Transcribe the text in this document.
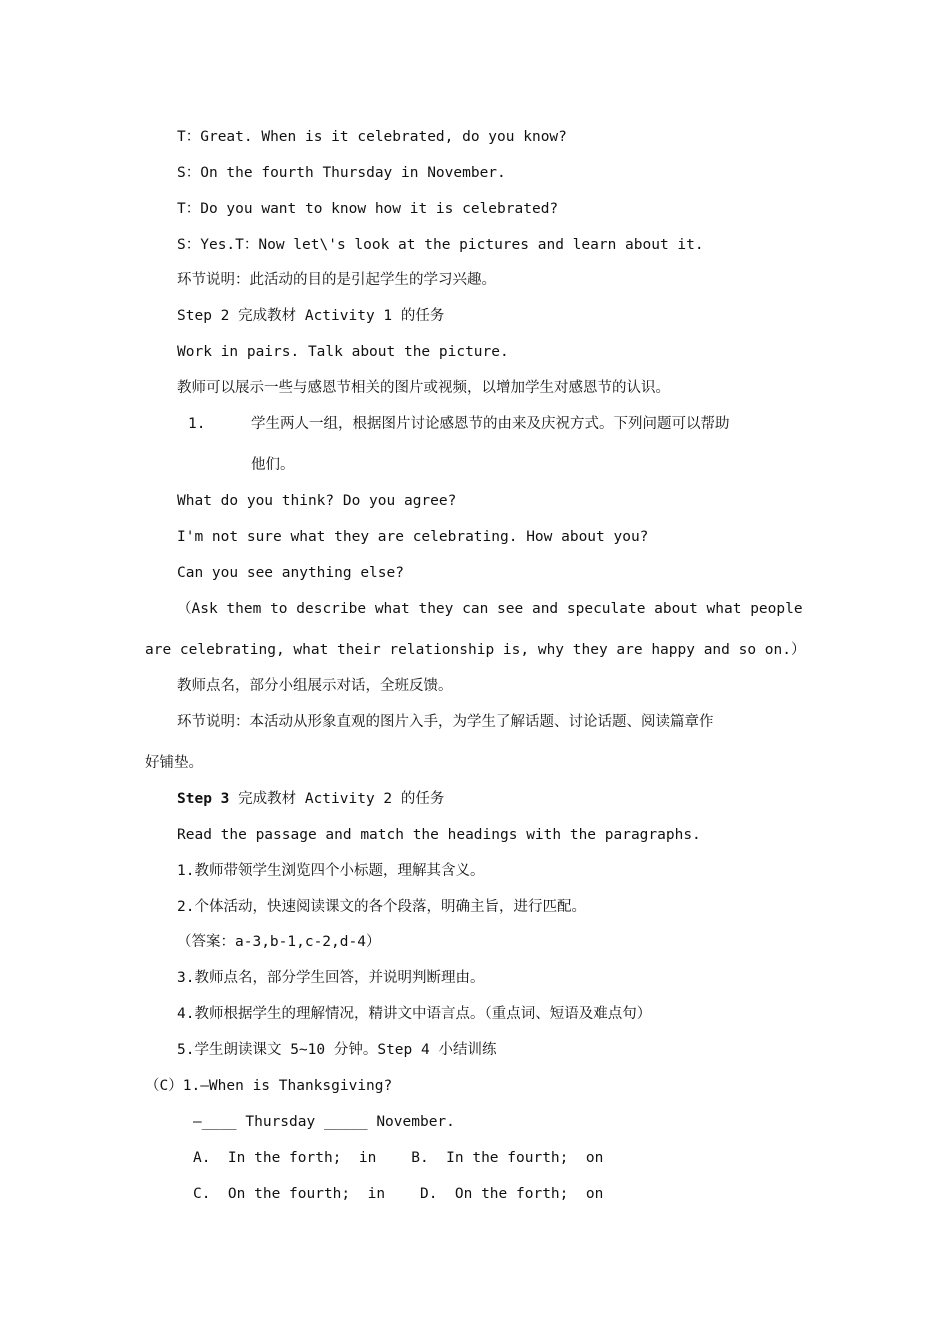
T：Great. When is it celebrated, do you know?
S：On the fourth Thursday in November.
T：Do you want to know how it is celebrated?
S：Yes.T：Now let\'s look at the pictures and learn about it.
环节说明：此活动的目的是引起学生的学习兴趣。
Step 2 完成教材 Activity 1 的任务
Work in pairs. Talk about the picture.
教师可以展示一些与感恩节相关的图片或视频，以增加学生对感恩节的认识。
1.	学生两人一组，根据图片讨论感恩节的由来及庆祝方式。下列问题可以帮助
他们。
What do you think? Do you agree?
I'm not sure what they are celebrating. How about you?
Can you see anything else?
（Ask them to describe what they can see and speculate about what people
are celebrating, what their relationship is, why they are happy and so on.）
教师点名，部分小组展示对话，全班反馈。
环节说明：本活动从形象直观的图片入手，为学生了解话题、讨论话题、阅读篇章作
好铺垫。
Step 3 完成教材 Activity 2 的任务
Read the passage and match the headings with the paragraphs.
1.教师带领学生浏览四个小标题，理解其含义。
2.个体活动，快速阅读课文的各个段落，明确主旨，进行匹配。
（答案：a-3,b-1,c-2,d-4）
3.教师点名，部分学生回答，并说明判断理由。
4.教师根据学生的理解情况，精讲文中语言点。（重点词、短语及难点句）
5.学生朗读课文 5~10 分钟。Step 4 小结训练
（C）1.—When is Thanksgiving?
—____ Thursday _____ November.
A.  In the forth;  in    B.  In the fourth;  on
C.  On the fourth;  in    D.  On the forth;  on
